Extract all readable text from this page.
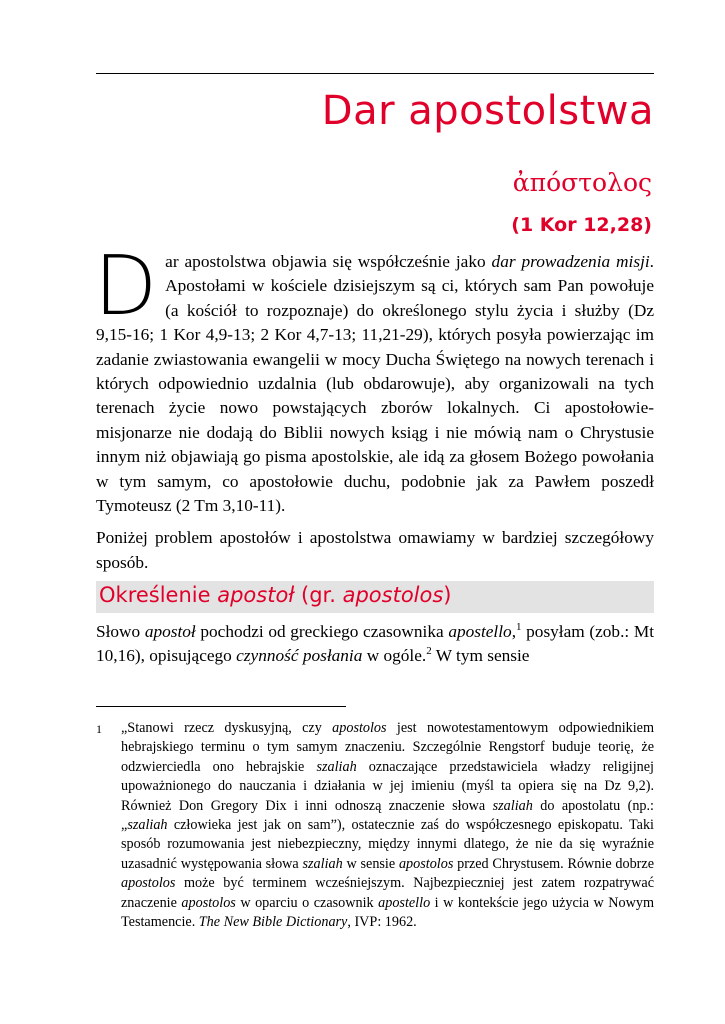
Dar apostolstwa
ἀπόστολος
(1 Kor 12,28)

Dar apostolstwa objawia się współcześnie jako dar prowadzenia misji. Apostołami w kościele dzisiejszym są ci, których sam Pan powołuje (a kościół to rozpoznaje) do określonego stylu życia i służby (Dz 9,15-16; 1 Kor 4,9-13; 2 Kor 4,7-13; 11,21-29), których posyła powierzając im zadanie zwiastowania ewangelii w mocy Ducha Świętego na nowych terenach i których odpowiednio uzdalnia (lub obdarowuje), aby organizowali na tych terenach życie nowo powstających zborów lokalnych. Ci apostołowie-misjonarze nie dodają do Biblii nowych ksiąg i nie mówią nam o Chrystusie innym niż objawiają go pisma apostolskie, ale idą za głosem Bożego powołania w tym samym, co apostołowie duchu, podobnie jak za Pawłem poszedł Tymoteusz (2 Tm 3,10-11).

Poniżej problem apostołów i apostolstwa omawiamy w bardziej szczegółowy sposób.

Określenie apostoł (gr. apostolos)
Słowo apostoł pochodzi od greckiego czasownika apostello,$^1$ posyłam (zob.: Mt 10,16), opisującego czynność posłania w ogóle.$^2$ W tym sensie
1 „Stanowi rzecz dyskusyjną, czy apostolos jest nowotestamentowym odpowiednikiem hebrajskiego terminu o tym samym znaczeniu. Szczególnie Rengstorf buduje teorię, że odzwierciedla ono hebrajskie szaliah oznaczające przedstawiciela władzy religijnej upoważnionego do nauczania i działania w jej imieniu (myśl ta opiera się na Dz 9,2). Również Don Gregory Dix i inni odnoszą znaczenie słowa szaliah do apostolatu (np.: „szaliah człowieka jest jak on sam”), ostatecznie zaś do współczesnego episkopatu. Taki sposób rozumowania jest niebezpieczny, między innymi dlatego, że nie da się wyraźnie uzasadnić występowania słowa szaliah w sensie apostolos przed Chrystusem. Równie dobrze apostolos może być terminem wcześniejszym. Najbezpieczniej jest zatem rozpatrywać znaczenie apostolos w oparciu o czasownik apostello i w kontekście jego użycia w Nowym Testamencie. The New Bible Dictionary, IVP: 1962.
